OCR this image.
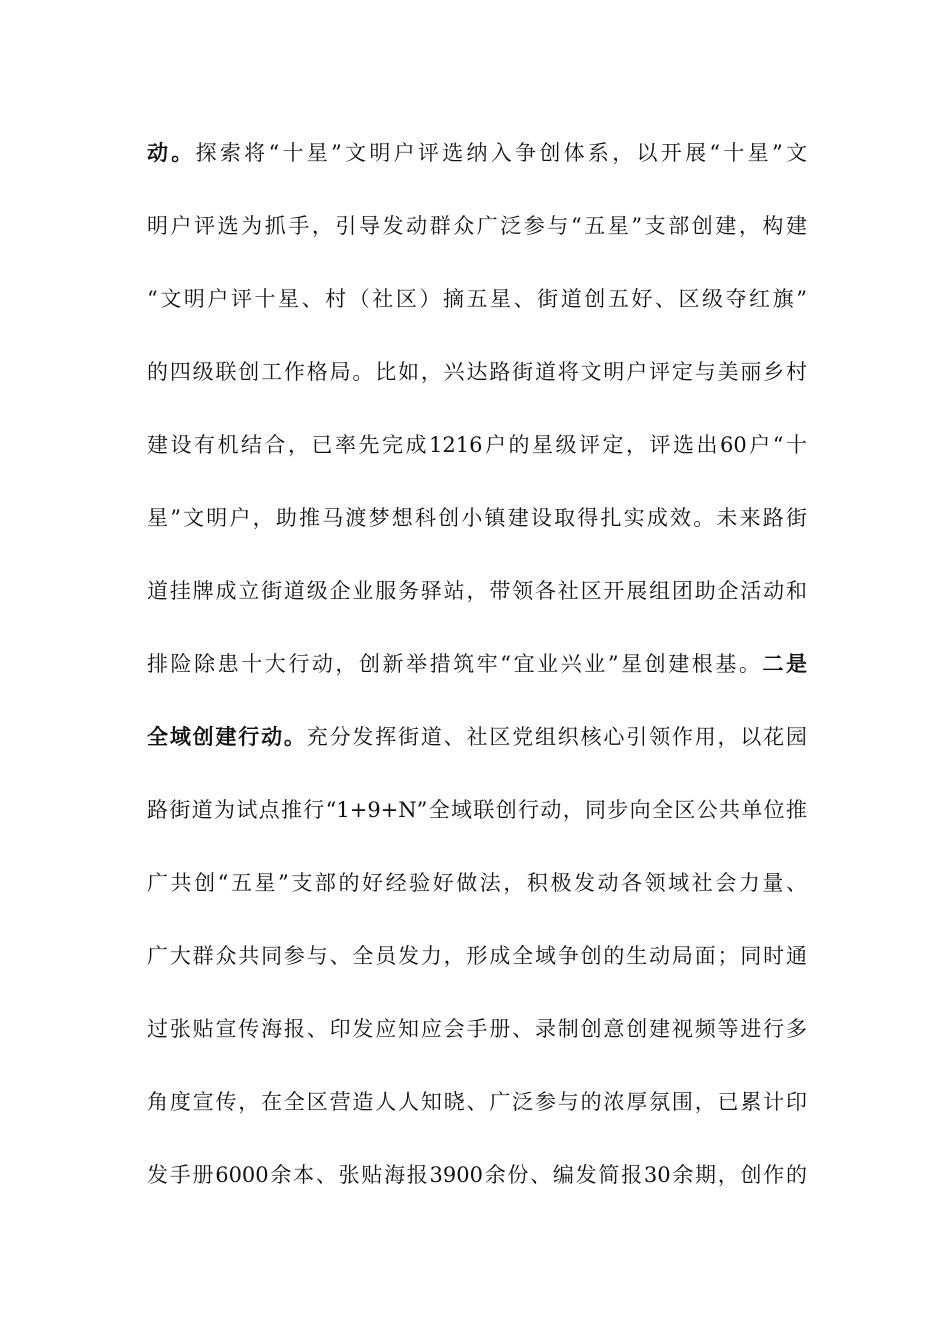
动。探索将“十星”文明户评选纳入争创体系，以开展“十星”文
明户评选为抓手，引导发动群众广泛参与“五星”支部创建，构建
“文明户评十星、村（社区）摘五星、街道创五好、区级夺红旗”
的四级联创工作格局。比如，兴达路街道将文明户评定与美丽乡村
建设有机结合，已率先完成1216户的星级评定，评选出60户“十
星”文明户，助推马渡梦想科创小镇建设取得扎实成效。未来路街
道挂牌成立街道级企业服务驿站，带领各社区开展组团助企活动和
排险除患十大行动，创新举措筑牢“宜业兴业”星创建根基。二是
全域创建行动。充分发挥街道、社区党组织核心引领作用，以花园
路街道为试点推行“1+9+N”全域联创行动，同步向全区公共单位推
广共创“五星”支部的好经验好做法，积极发动各领域社会力量、
广大群众共同参与、全员发力，形成全域争创的生动局面；同时通
过张贴宣传海报、印发应知应会手册、录制创意创建视频等进行多
角度宣传，在全区营造人人知晓、广泛参与的浓厚氛围，已累计印
发手册6000余本、张贴海报3900余份、编发简报30余期，创作的
